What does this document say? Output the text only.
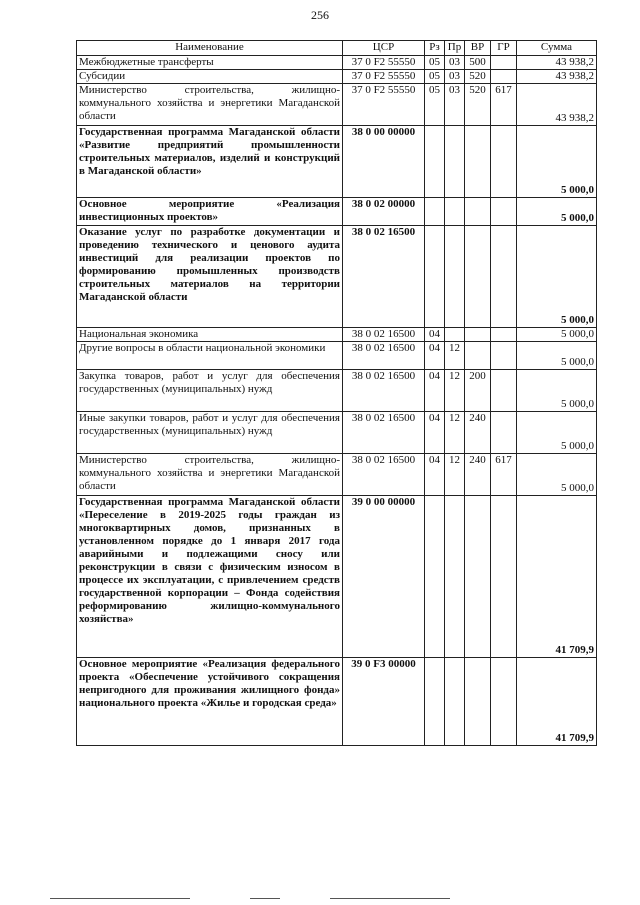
256
Наименование	ЦСР	Рз	Пр	ВР	ГР	Сумма
Межбюджетные трансферты	37 0 F2 55550	05	03	500		43 938,2
Субсидии	37 0 F2 55550	05	03	520		43 938,2
Министерство строительства, жилищно-коммунального хозяйства и энергетики Магаданской области	37 0 F2 55550	05	03	520	617	43 938,2
Государственная программа Магаданской области «Развитие предприятий промышленности строительных материалов, изделий и конструкций в Магаданской области»	38 0 00 00000					5 000,0
Основное мероприятие «Реализация инвестиционных проектов»	38 0 02 00000					5 000,0
Оказание услуг по разработке документации и проведению технического и ценового аудита инвестиций для реализации проектов по формированию промышленных производств строительных материалов на территории Магаданской области	38 0 02 16500					5 000,0
Национальная экономика	38 0 02 16500	04				5 000,0
Другие вопросы в области национальной экономики	38 0 02 16500	04	12			5 000,0
Закупка товаров, работ и услуг для обеспечения государственных (муниципальных) нужд	38 0 02 16500	04	12	200		5 000,0
Иные закупки товаров, работ и услуг для обеспечения государственных (муниципальных) нужд	38 0 02 16500	04	12	240		5 000,0
Министерство строительства, жилищно-коммунального хозяйства и энергетики Магаданской области	38 0 02 16500	04	12	240	617	5 000,0
Государственная программа Магаданской области «Переселение в 2019-2025 годы граждан из многоквартирных домов, признанных в установленном порядке до 1 января 2017 года аварийными и подлежащими сносу или реконструкции в связи с физическим износом в процессе их эксплуатации, с привлечением средств государственной корпорации – Фонда содействия реформированию жилищно-коммунального хозяйства»	39 0 00 00000					41 709,9
Основное мероприятие «Реализация федерального проекта «Обеспечение устойчивого сокращения непригодного для проживания жилищного фонда» национального проекта «Жилье и городская среда»	39 0 F3 00000					41 709,9
